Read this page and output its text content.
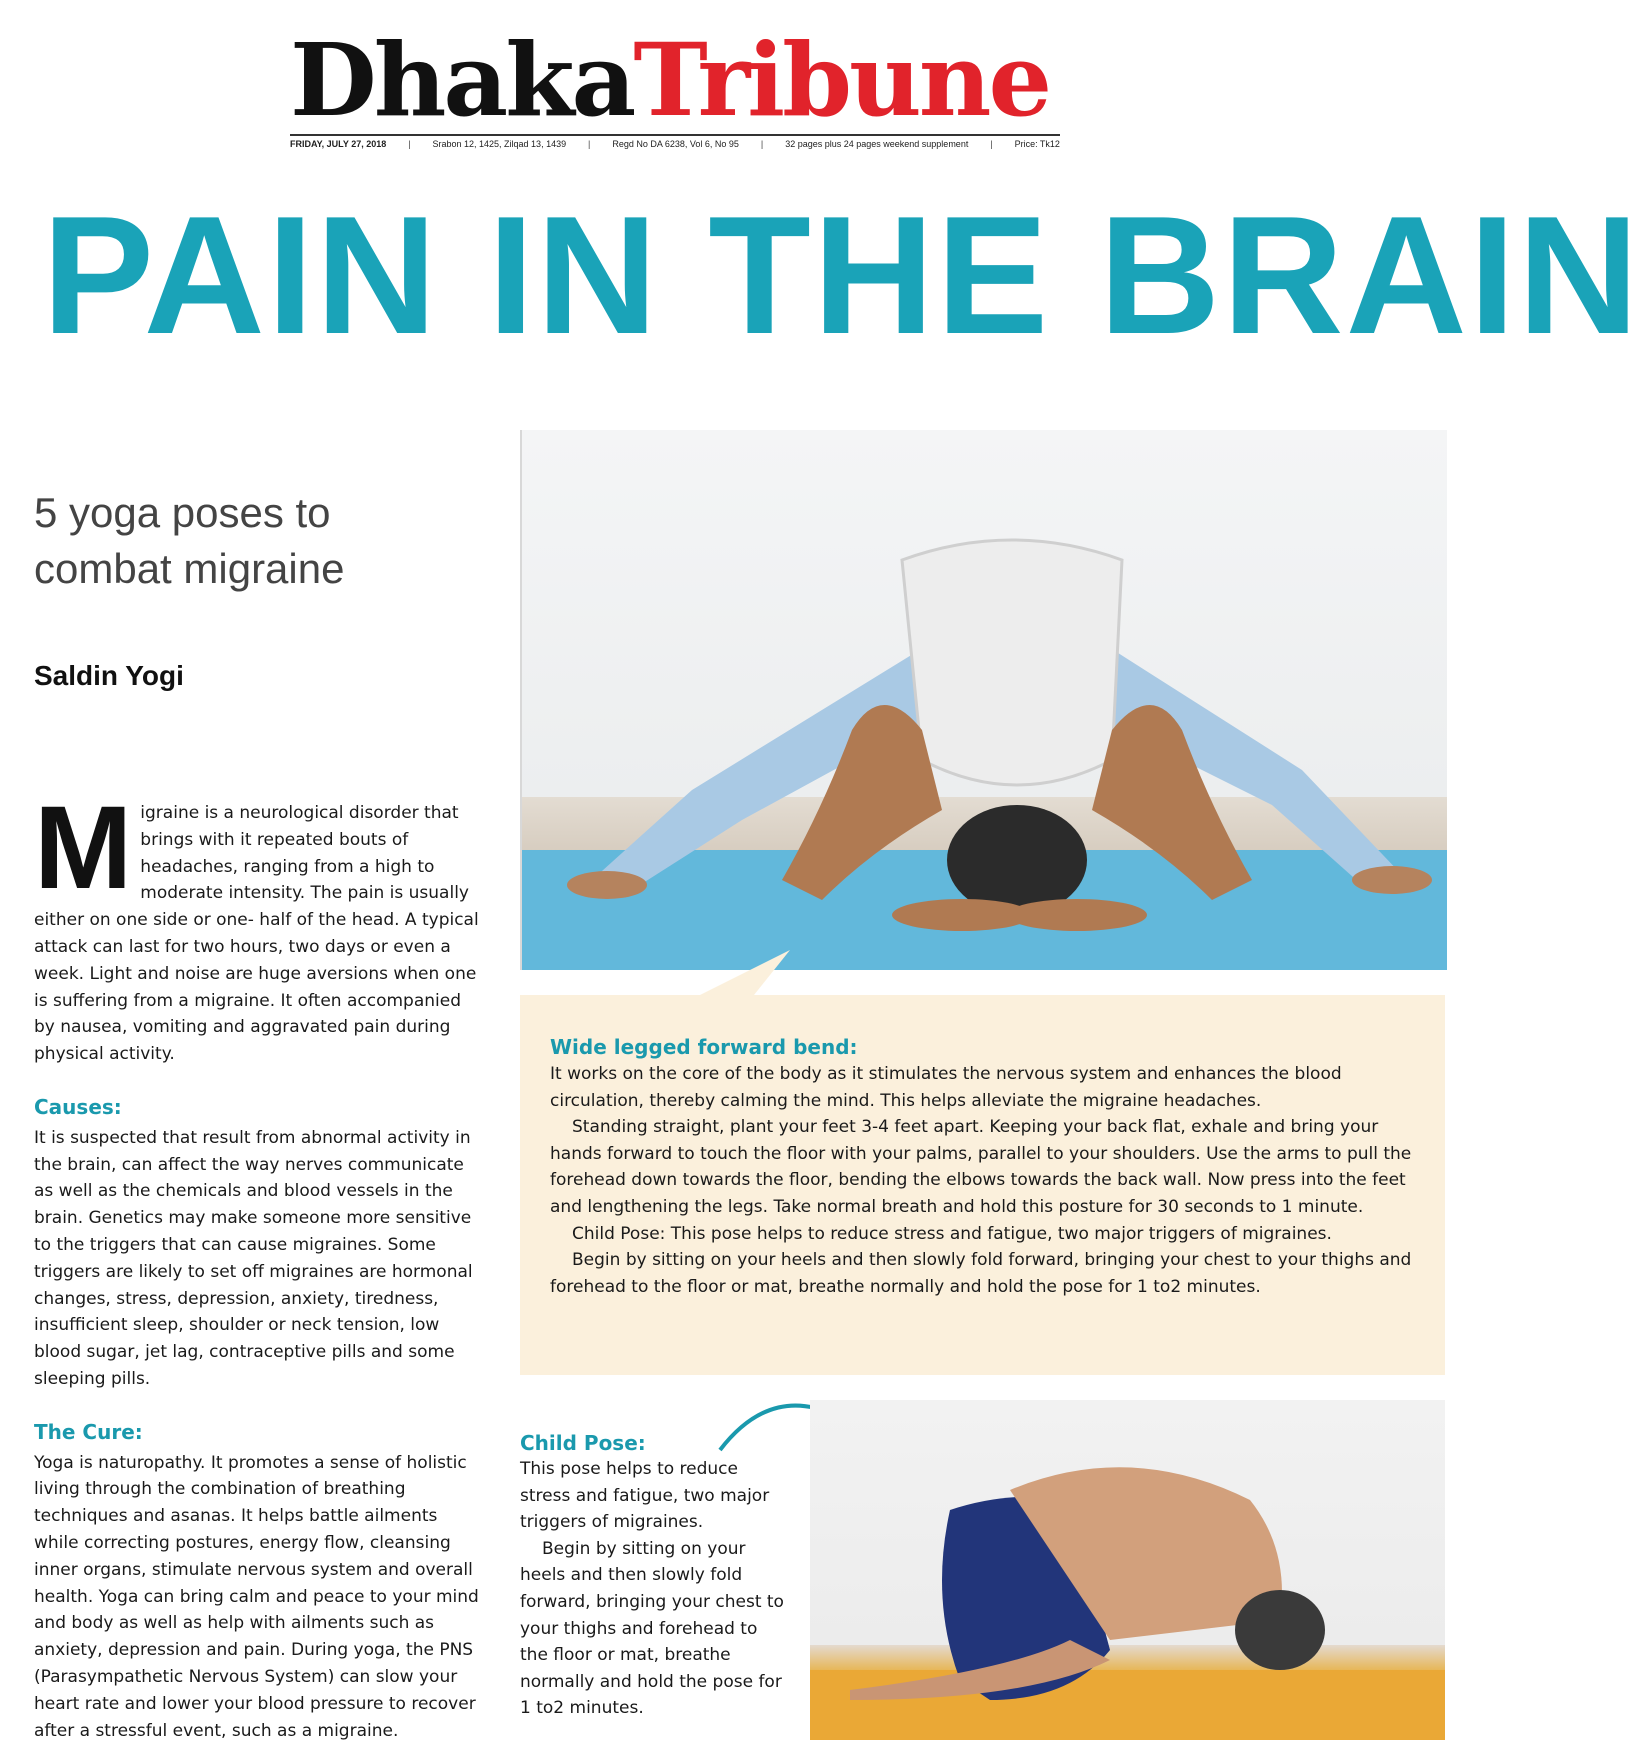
DhakaTribune
FRIDAY, JULY 27, 2018 | Srabon 12, 1425, Zilqad 13, 1439 | Regd No DA 6238, Vol 6, No 95 | 32 pages plus 24 pages weekend supplement | Price: Tk12
PAIN IN THE BRAIN
5 yoga poses to combat migraine
Saldin Yogi

Migraine is a neurological disorder that brings with it repeated bouts of headaches, ranging from a high to moderate intensity. The pain is usually either on one side or one- half of the head. A typical attack can last for two hours, two days or even a week. Light and noise are huge aversions when one is suffering from a migraine. It often accompanied by nausea, vomiting and aggravated pain during physical activity.

Causes:

It is suspected that result from abnormal activity in the brain, can affect the way nerves communicate as well as the chemicals and blood vessels in the brain. Genetics may make someone more sensitive to the triggers that can cause migraines. Some triggers are likely to set off migraines are hormonal changes, stress, depression, anxiety, tiredness, insufficient sleep, shoulder or neck tension, low blood sugar, jet lag, contraceptive pills and some sleeping pills.

The Cure:

Yoga is naturopathy. It promotes a sense of holistic living through the combination of breathing techniques and asanas. It helps battle ailments while correcting postures, energy flow, cleansing inner organs, stimulate nervous system and overall health. Yoga can bring calm and peace to your mind and body as well as help with ailments such as anxiety, depression and pain. During yoga, the PNS (Parasympathetic Nervous System) can slow your heart rate and lower your blood pressure to recover after a stressful event, such as a migraine.

Wide legged forward bend:

It works on the core of the body as it stimulates the nervous system and enhances the blood circulation, thereby calming the mind. This helps alleviate the migraine headaches.

Standing straight, plant your feet 3-4 feet apart. Keeping your back flat, exhale and bring your hands forward to touch the floor with your palms, parallel to your shoulders. Use the arms to pull the forehead down towards the floor, bending the elbows towards the back wall. Now press into the feet and lengthening the legs. Take normal breath and hold this posture for 30 seconds to 1 minute.

Child Pose: This pose helps to reduce stress and fatigue, two major triggers of migraines.

Begin by sitting on your heels and then slowly fold forward, bringing your chest to your thighs and forehead to the floor or mat, breathe normally and hold the pose for 1 to2 minutes.

Child Pose:

This pose helps to reduce stress and fatigue, two major triggers of migraines.

Begin by sitting on your heels and then slowly fold forward, bringing your chest to your thighs and forehead to the floor or mat, breathe normally and hold the pose for 1 to2 minutes.
